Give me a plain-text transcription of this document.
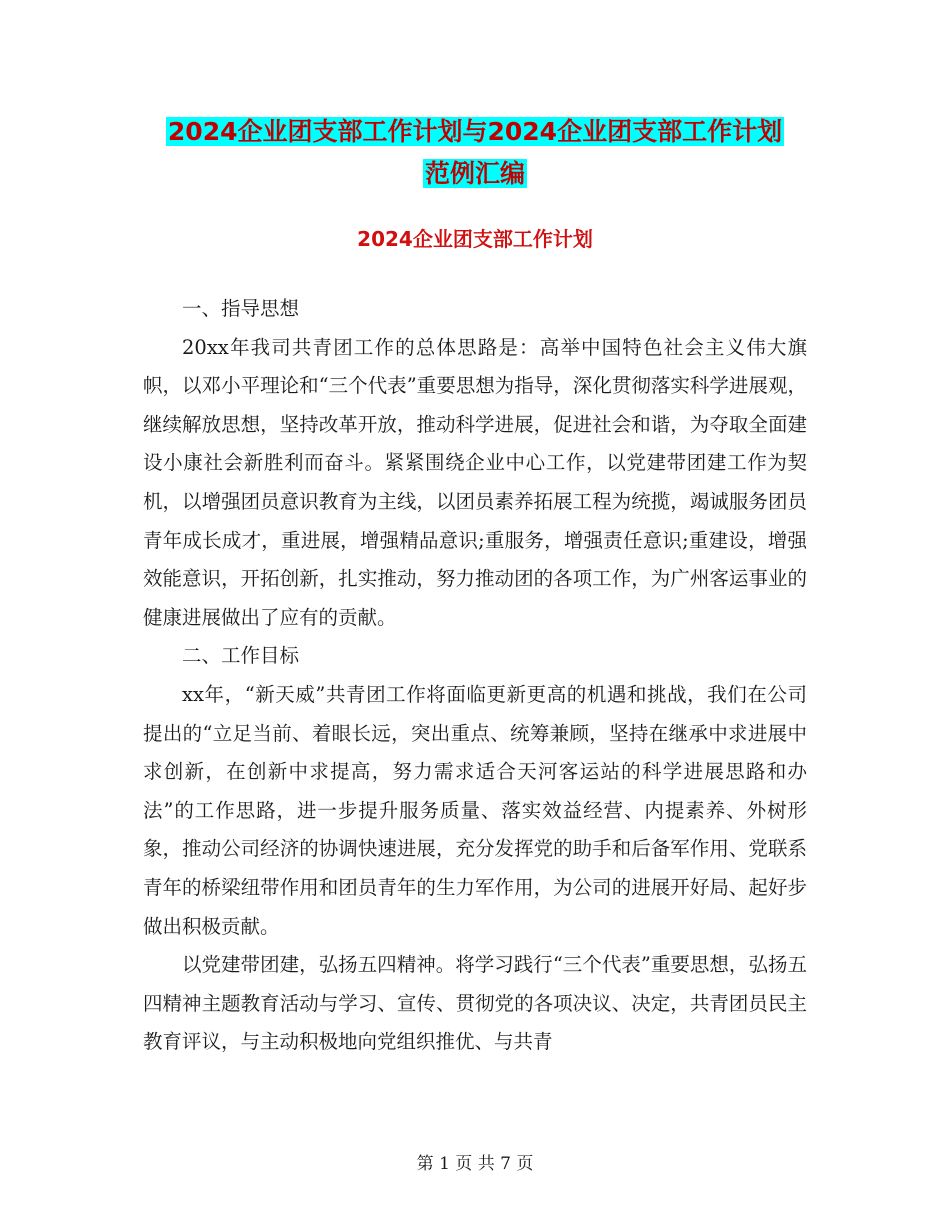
2024企业团支部工作计划与2024企业团支部工作计划
范例汇编
2024企业团支部工作计划

一、指导思想

20xx年我司共青团工作的总体思路是：高举中国特色社会主义伟大旗帜，以邓小平理论和“三个代表”重要思想为指导，深化贯彻落实科学进展观，继续解放思想，坚持改革开放，推动科学进展，促进社会和谐，为夺取全面建设小康社会新胜利而奋斗。紧紧围绕企业中心工作，以党建带团建工作为契机，以增强团员意识教育为主线，以团员素养拓展工程为统揽，竭诚服务团员青年成长成才，重进展，增强精品意识;重服务，增强责任意识;重建设，增强效能意识，开拓创新，扎实推动，努力推动团的各项工作，为广州客运事业的健康进展做出了应有的贡献。

二、工作目标

xx年，“新天威”共青团工作将面临更新更高的机遇和挑战，我们在公司提出的“立足当前、着眼长远，突出重点、统筹兼顾，坚持在继承中求进展中求创新，在创新中求提高，努力需求适合天河客运站的科学进展思路和办法”的工作思路，进一步提升服务质量、落实效益经营、内提素养、外树形象，推动公司经济的协调快速进展，充分发挥党的助手和后备军作用、党联系青年的桥梁纽带作用和团员青年的生力军作用，为公司的进展开好局、起好步做出积极贡献。

以党建带团建，弘扬五四精神。将学习践行“三个代表”重要思想，弘扬五四精神主题教育活动与学习、宣传、贯彻党的各项决议、决定，共青团员民主教育评议，与主动积极地向党组织推优、与共青

第 1 页 共 7 页
